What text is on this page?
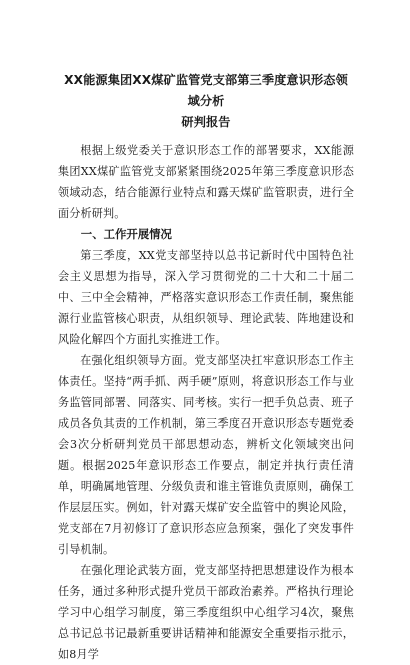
XX能源集团XX煤矿监管党支部第三季度意识形态领域分析
研判报告

根据上级党委关于意识形态工作的部署要求，XX能源集团XX煤矿监管党支部紧紧围绕2025年第三季度意识形态领域动态，结合能源行业特点和露天煤矿监管职责，进行全面分析研判。

一、工作开展情况

第三季度，XX党支部坚持以总书记新时代中国特色社会主义思想为指导，深入学习贯彻党的二十大和二十届二中、三中全会精神，严格落实意识形态工作责任制，聚焦能源行业监管核心职责，从组织领导、理论武装、阵地建设和风险化解四个方面扎实推进工作。

在强化组织领导方面。党支部坚决扛牢意识形态工作主体责任。坚持“两手抓、两手硬”原则，将意识形态工作与业务监管同部署、同落实、同考核。实行一把手负总责、班子成员各负其责的工作机制，第三季度召开意识形态专题党委会3次分析研判党员干部思想动态，辨析文化领域突出问题。根据2025年意识形态工作要点，制定并执行责任清单，明确属地管理、分级负责和谁主管谁负责原则，确保工作层层压实。例如，针对露天煤矿安全监管中的舆论风险，党支部在7月初修订了意识形态应急预案，强化了突发事件引导机制。

在强化理论武装方面，党支部坚持把思想建设作为根本任务，通过多种形式提升党员干部政治素养。严格执行理论学习中心组学习制度，第三季度组织中心组学习4次，聚焦总书记总书记最新重要讲话精神和能源安全重要指示批示，如8月学
